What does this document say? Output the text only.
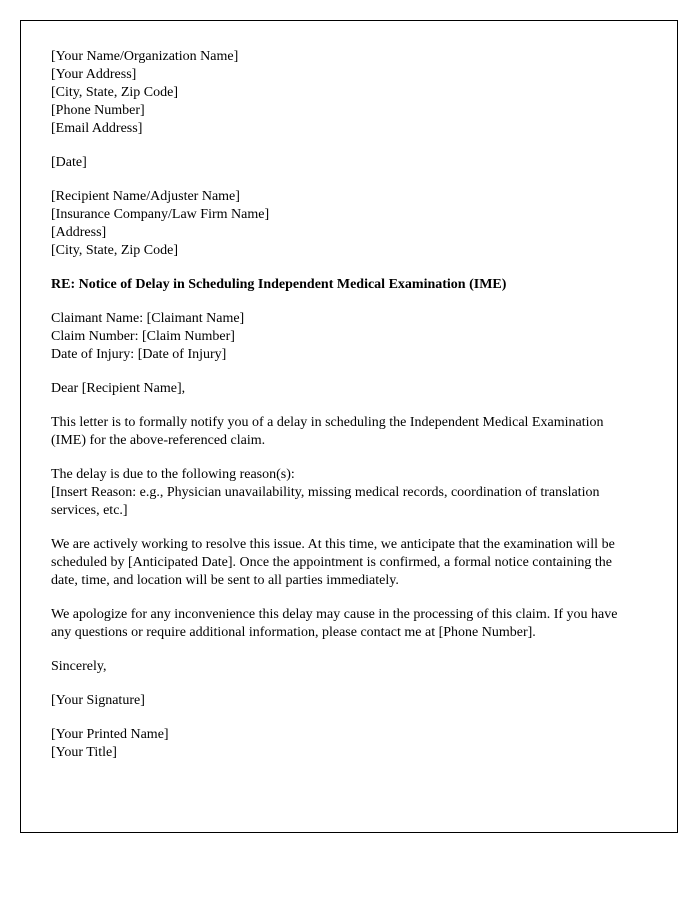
[Your Name/Organization Name]
[Your Address]
[City, State, Zip Code]
[Phone Number]
[Email Address]
[Date]
[Recipient Name/Adjuster Name]
[Insurance Company/Law Firm Name]
[Address]
[City, State, Zip Code]
RE: Notice of Delay in Scheduling Independent Medical Examination (IME)
Claimant Name: [Claimant Name]
Claim Number: [Claim Number]
Date of Injury: [Date of Injury]
Dear [Recipient Name],
This letter is to formally notify you of a delay in scheduling the Independent Medical Examination (IME) for the above-referenced claim.
The delay is due to the following reason(s):
[Insert Reason: e.g., Physician unavailability, missing medical records, coordination of translation services, etc.]
We are actively working to resolve this issue. At this time, we anticipate that the examination will be scheduled by [Anticipated Date]. Once the appointment is confirmed, a formal notice containing the date, time, and location will be sent to all parties immediately.
We apologize for any inconvenience this delay may cause in the processing of this claim. If you have any questions or require additional information, please contact me at [Phone Number].
Sincerely,
[Your Signature]
[Your Printed Name]
[Your Title]
